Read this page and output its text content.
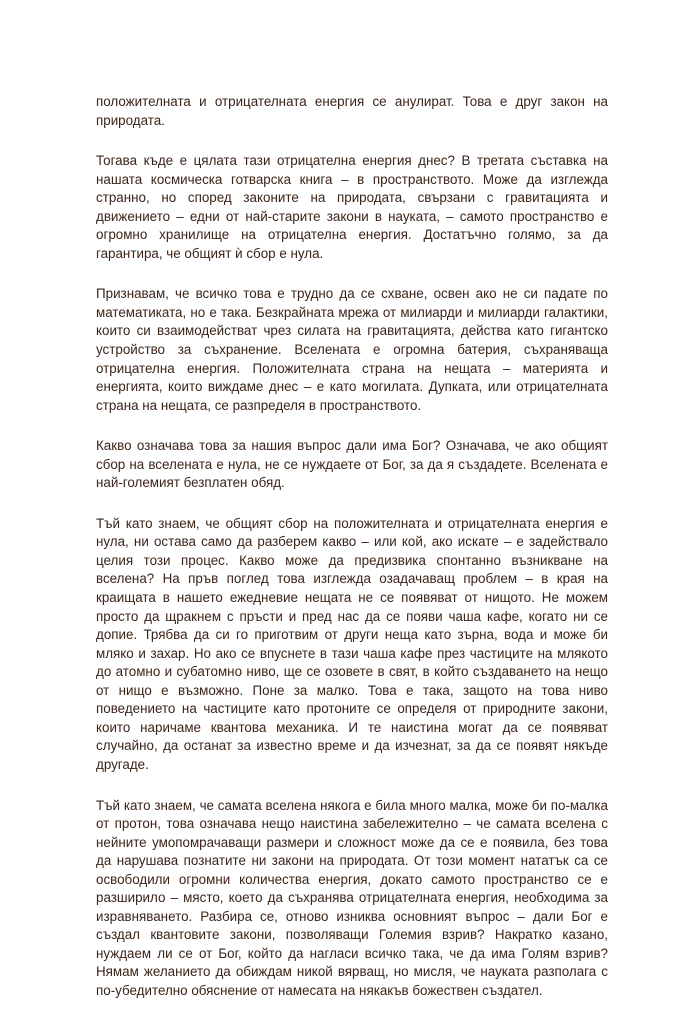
положителната и отрицателната енергия се анулират. Това е друг закон на природата.

Тогава къде е цялата тази отрицателна енергия днес? В третата съставка на нашата космическа готварска книга – в пространството. Може да изглежда странно, но според законите на природата, свързани с гравитацията и движението – едни от най-старите закони в науката, – самото пространство е огромно хранилище на отрицателна енергия. Достатъчно голямо, за да гарантира, че общият ѝ сбор е нула.

Признавам, че всичко това е трудно да се схване, освен ако не си падате по математиката, но е така. Безкрайната мрежа от милиарди и милиарди галактики, които си взаимодействат чрез силата на гравитацията, действа като гигантско устройство за съхранение. Вселената е огромна батерия, съхраняваща отрицателна енергия. Положителната страна на нещата – материята и енергията, които виждаме днес – е като могилата. Дупката, или отрицателната страна на нещата, се разпределя в пространството.

Какво означава това за нашия въпрос дали има Бог? Означава, че ако общият сбор на вселената е нула, не се нуждаете от Бог, за да я създадете. Вселената е най-големият безплатен обяд.

Тъй като знаем, че общият сбор на положителната и отрицателната енергия е нула, ни остава само да разберем какво – или кой, ако искате – е задействало целия този процес. Какво може да предизвика спонтанно възникване на вселена? На пръв поглед това изглежда озадачаващ проблем – в края на краищата в нашето ежедневие нещата не се появяват от нищото. Не можем просто да щракнем с пръсти и пред нас да се появи чаша кафе, когато ни се допие. Трябва да си го приготвим от други неща като зърна, вода и може би мляко и захар. Но ако се впуснете в тази чаша кафе през частиците на млякото до атомно и субатомно ниво, ще се озовете в свят, в който създаването на нещо от нищо е възможно. Поне за малко. Това е така, защото на това ниво поведението на частиците като протоните се определя от природните закони, които наричаме квантова механика. И те наистина могат да се появяват случайно, да останат за известно време и да изчезнат, за да се появят някъде другаде.

Тъй като знаем, че самата вселена някога е била много малка, може би по-малка от протон, това означава нещо наистина забележително – че самата вселена с нейните умопомрачаващи размери и сложност може да се е появила, без това да нарушава познатите ни закони на природата. От този момент нататък са се освободили огромни количества енергия, докато самото пространство се е разширило – място, което да съхранява отрицателната енергия, необходима за изравняването. Разбира се, отново изниква основният въпрос – дали Бог е създал квантовите закони, позволяващи Големия взрив? Накратко казано, нуждаем ли се от Бог, който да нагласи всичко така, че да има Голям взрив? Нямам желанието да обиждам никой вярващ, но мисля, че науката разполага с по-убедително обяснение от намесата на някакъв божествен създател.
